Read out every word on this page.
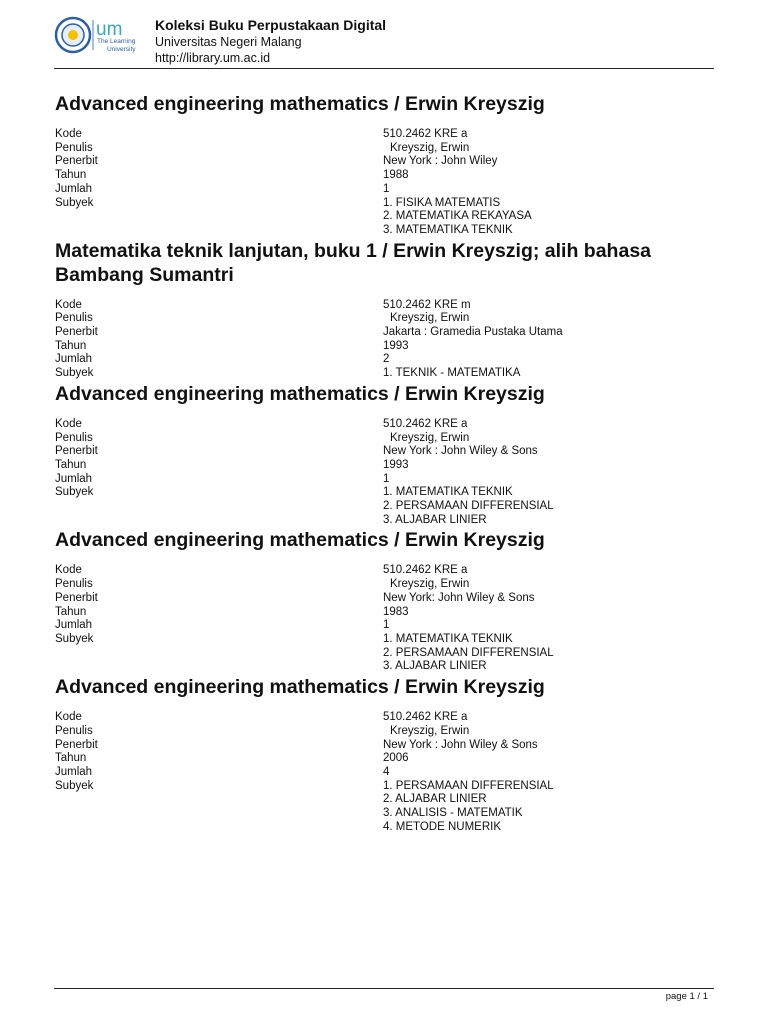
um
The Learning
University
Koleksi Buku Perpustakaan Digital
Universitas Negeri Malang
http://library.um.ac.id
Advanced engineering mathematics / Erwin Kreyszig
Kode	510.2462 KRE a
Penulis	Kreyszig, Erwin
Penerbit	New York : John Wiley
Tahun	1988
Jumlah	1
Subyek	1. FISIKA MATEMATIS
2. MATEMATIKA REKAYASA
3. MATEMATIKA TEKNIK
Matematika teknik lanjutan, buku 1 / Erwin Kreyszig; alih bahasa Bambang Sumantri
Kode	510.2462 KRE m
Penulis	Kreyszig, Erwin
Penerbit	Jakarta : Gramedia Pustaka Utama
Tahun	1993
Jumlah	2
Subyek	1. TEKNIK - MATEMATIKA
Advanced engineering mathematics / Erwin Kreyszig
Kode	510.2462 KRE a
Penulis	Kreyszig, Erwin
Penerbit	New York : John Wiley & Sons
Tahun	1993
Jumlah	1
Subyek	1. MATEMATIKA TEKNIK
2. PERSAMAAN DIFFERENSIAL
3. ALJABAR LINIER
Advanced engineering mathematics / Erwin Kreyszig
Kode	510.2462 KRE a
Penulis	Kreyszig, Erwin
Penerbit	New York: John Wiley & Sons
Tahun	1983
Jumlah	1
Subyek	1. MATEMATIKA TEKNIK
2. PERSAMAAN DIFFERENSIAL
3. ALJABAR LINIER
Advanced engineering mathematics / Erwin Kreyszig
Kode	510.2462 KRE a
Penulis	Kreyszig, Erwin
Penerbit	New York : John Wiley & Sons
Tahun	2006
Jumlah	4
Subyek	1. PERSAMAAN DIFFERENSIAL
2. ALJABAR LINIER
3. ANALISIS - MATEMATIK
4. METODE NUMERIK
page 1 / 1
